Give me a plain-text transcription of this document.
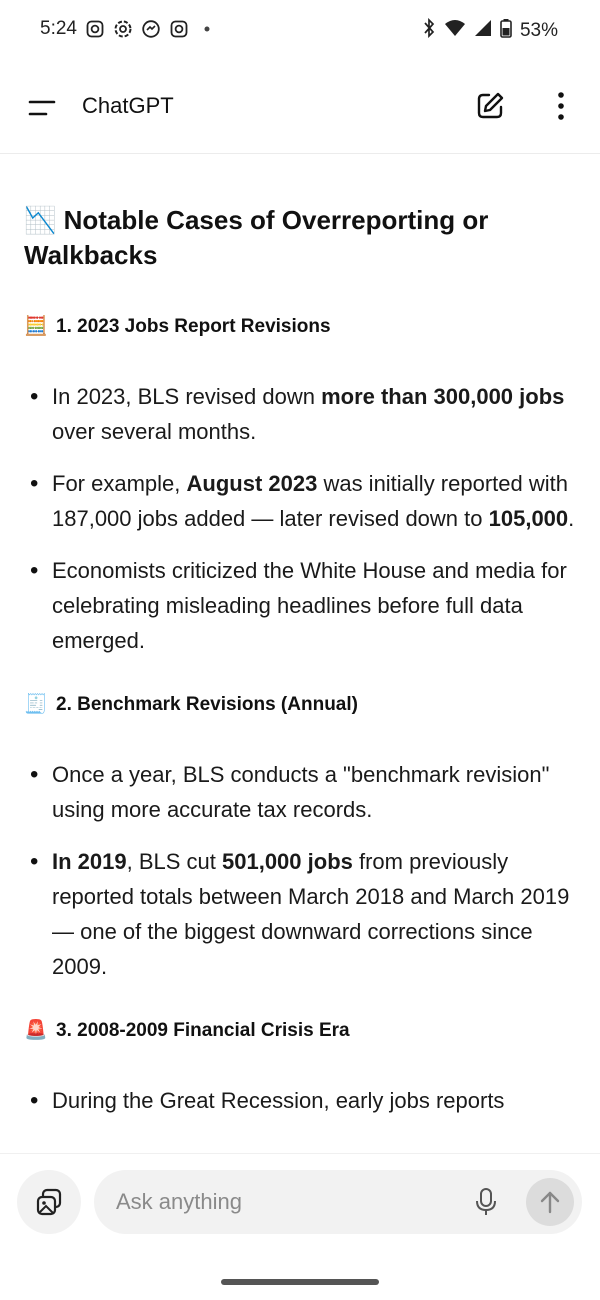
5:24	53%
ChatGPT
📉 Notable Cases of Overreporting or Walkbacks
🧮 1. 2023 Jobs Report Revisions
• In 2023, BLS revised down more than 300,000 jobs over several months.
• For example, August 2023 was initially reported with 187,000 jobs added — later revised down to 105,000.
• Economists criticized the White House and media for celebrating misleading headlines before full data emerged.
🧾 2. Benchmark Revisions (Annual)
• Once a year, BLS conducts a "benchmark revision" using more accurate tax records.
• In 2019, BLS cut 501,000 jobs from previously reported totals between March 2018 and March 2019 — one of the biggest downward corrections since 2009.
🚨 3. 2008-2009 Financial Crisis Era
• During the Great Recession, early jobs reports
Ask anything
